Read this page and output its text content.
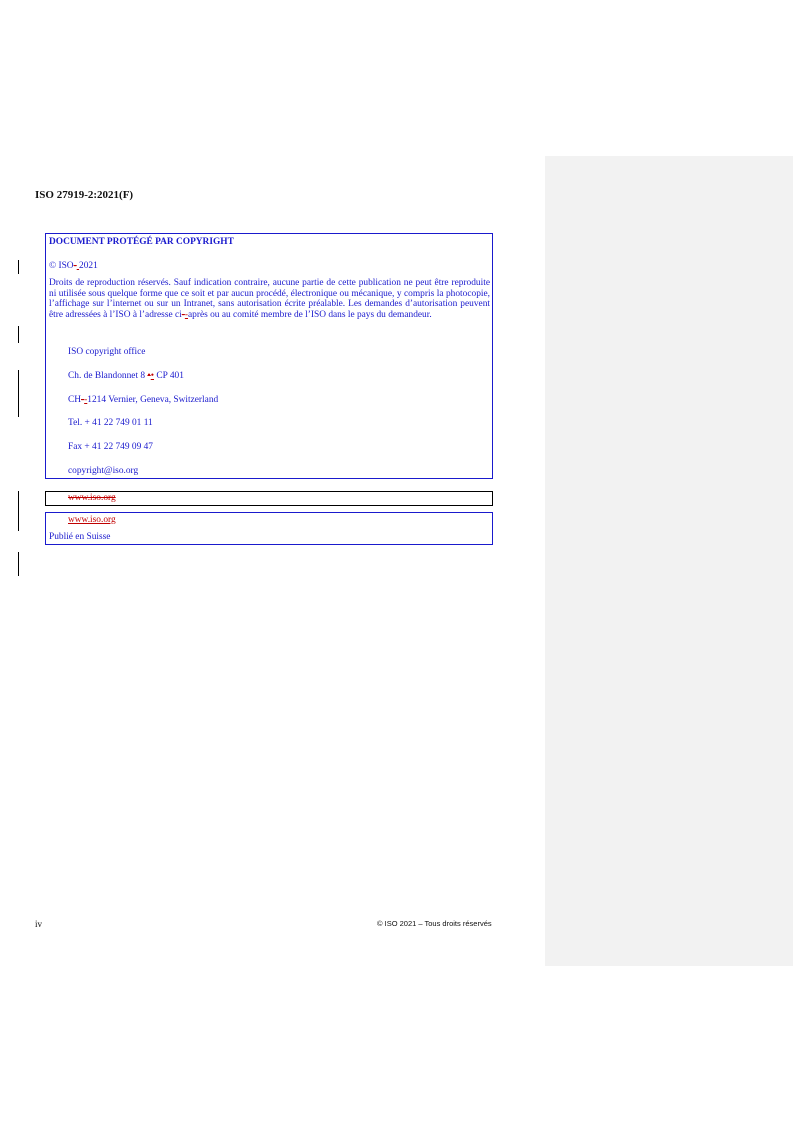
ISO 27919-2:2021(F)
DOCUMENT PROTÉGÉ PAR COPYRIGHT
© ISO- 2021
Droits de reproduction réservés. Sauf indication contraire, aucune partie de cette publication ne peut être reproduite ni utilisée sous quelque forme que ce soit et par aucun procédé, électronique ou mécanique, y compris la photocopie, l’affichage sur l’internet ou sur un Intranet, sans autorisation écrite préalable. Les demandes d’autorisation peuvent être adressées à l’ISO à l’adresse ci--après ou au comité membre de l’ISO dans le pays du demandeur.
ISO copyright office
Ch. de Blandonnet 8 •• CP 401
CH--1214 Vernier, Geneva, Switzerland
Tel. + 41 22 749 01 11
Fax + 41 22 749 09 47
copyright@iso.org
www.iso.org
www.iso.org
Publié en Suisse
iv	© ISO 2021 – Tous droits réservés
